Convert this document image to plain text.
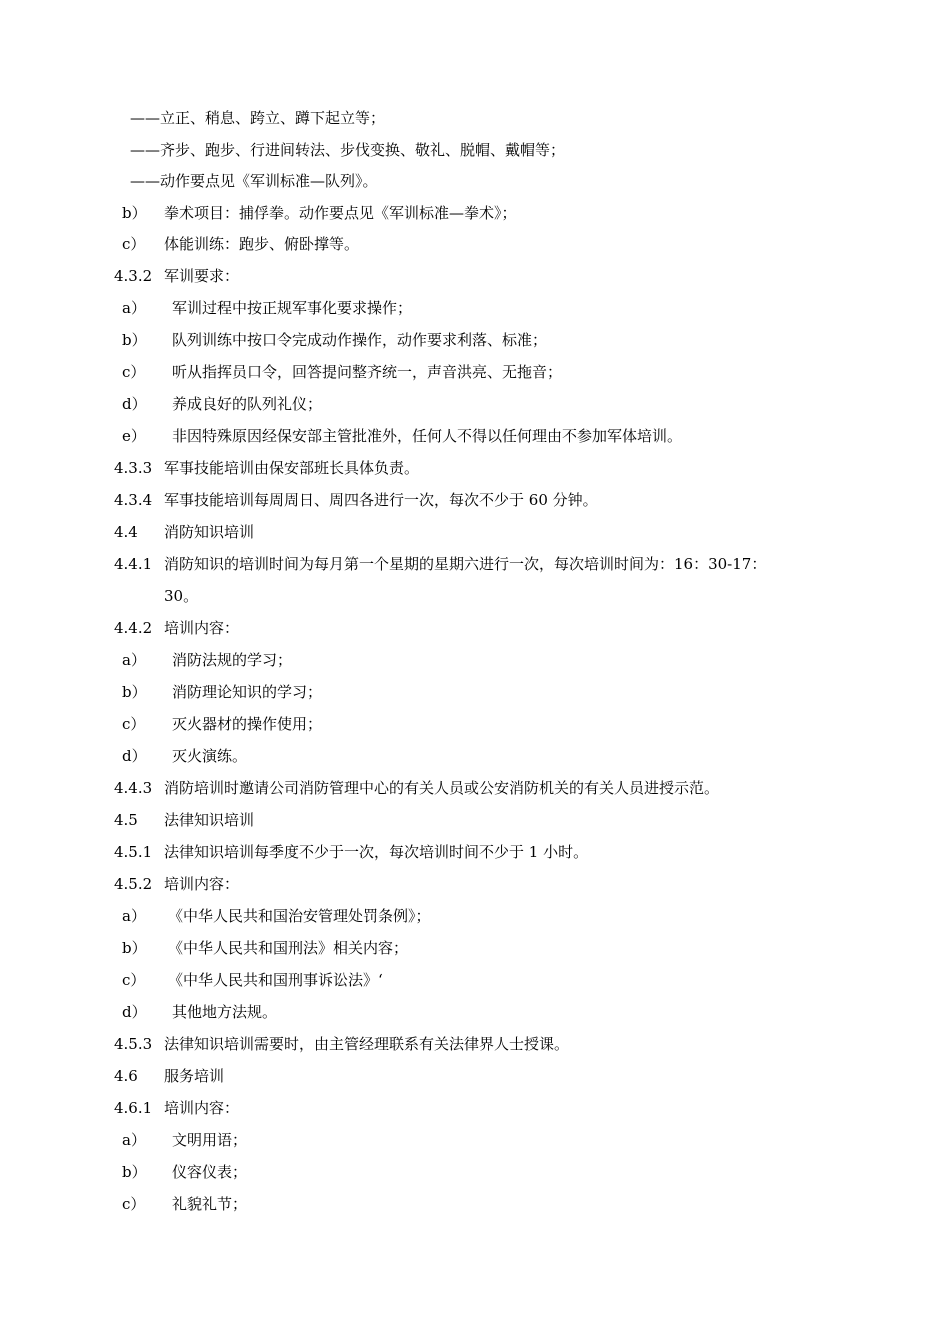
——立正、稍息、跨立、蹲下起立等；
——齐步、跑步、行进间转法、步伐变换、敬礼、脱帽、戴帽等；
——动作要点见《军训标准—队列》。
b） 拳术项目：捕俘拳。动作要点见《军训标准—拳术》；
c） 体能训练：跑步、俯卧撑等。
4.3.2 军训要求：
a） 军训过程中按正规军事化要求操作；
b） 队列训练中按口令完成动作操作，动作要求利落、标准；
c） 听从指挥员口令，回答提问整齐统一，声音洪亮、无拖音；
d） 养成良好的队列礼仪；
e） 非因特殊原因经保安部主管批准外，任何人不得以任何理由不参加军体培训。
4.3.3 军事技能培训由保安部班长具体负责。
4.3.4 军事技能培训每周周日、周四各进行一次，每次不少于 60 分钟。
4.4 消防知识培训
4.4.1 消防知识的培训时间为每月第一个星期的星期六进行一次，每次培训时间为：16：30-17：
30。
4.4.2 培训内容：
a） 消防法规的学习；
b） 消防理论知识的学习；
c） 灭火器材的操作使用；
d） 灭火演练。
4.4.3 消防培训时邀请公司消防管理中心的有关人员或公安消防机关的有关人员进授示范。
4.5 法律知识培训
4.5.1 法律知识培训每季度不少于一次，每次培训时间不少于 1 小时。
4.5.2 培训内容：
a） 《中华人民共和国治安管理处罚条例》；
b） 《中华人民共和国刑法》相关内容；
c） 《中华人民共和国刑事诉讼法》‘
d） 其他地方法规。
4.5.3 法律知识培训需要时，由主管经理联系有关法律界人士授课。
4.6 服务培训
4.6.1 培训内容：
a） 文明用语；
b） 仪容仪表；
c） 礼貌礼节；
